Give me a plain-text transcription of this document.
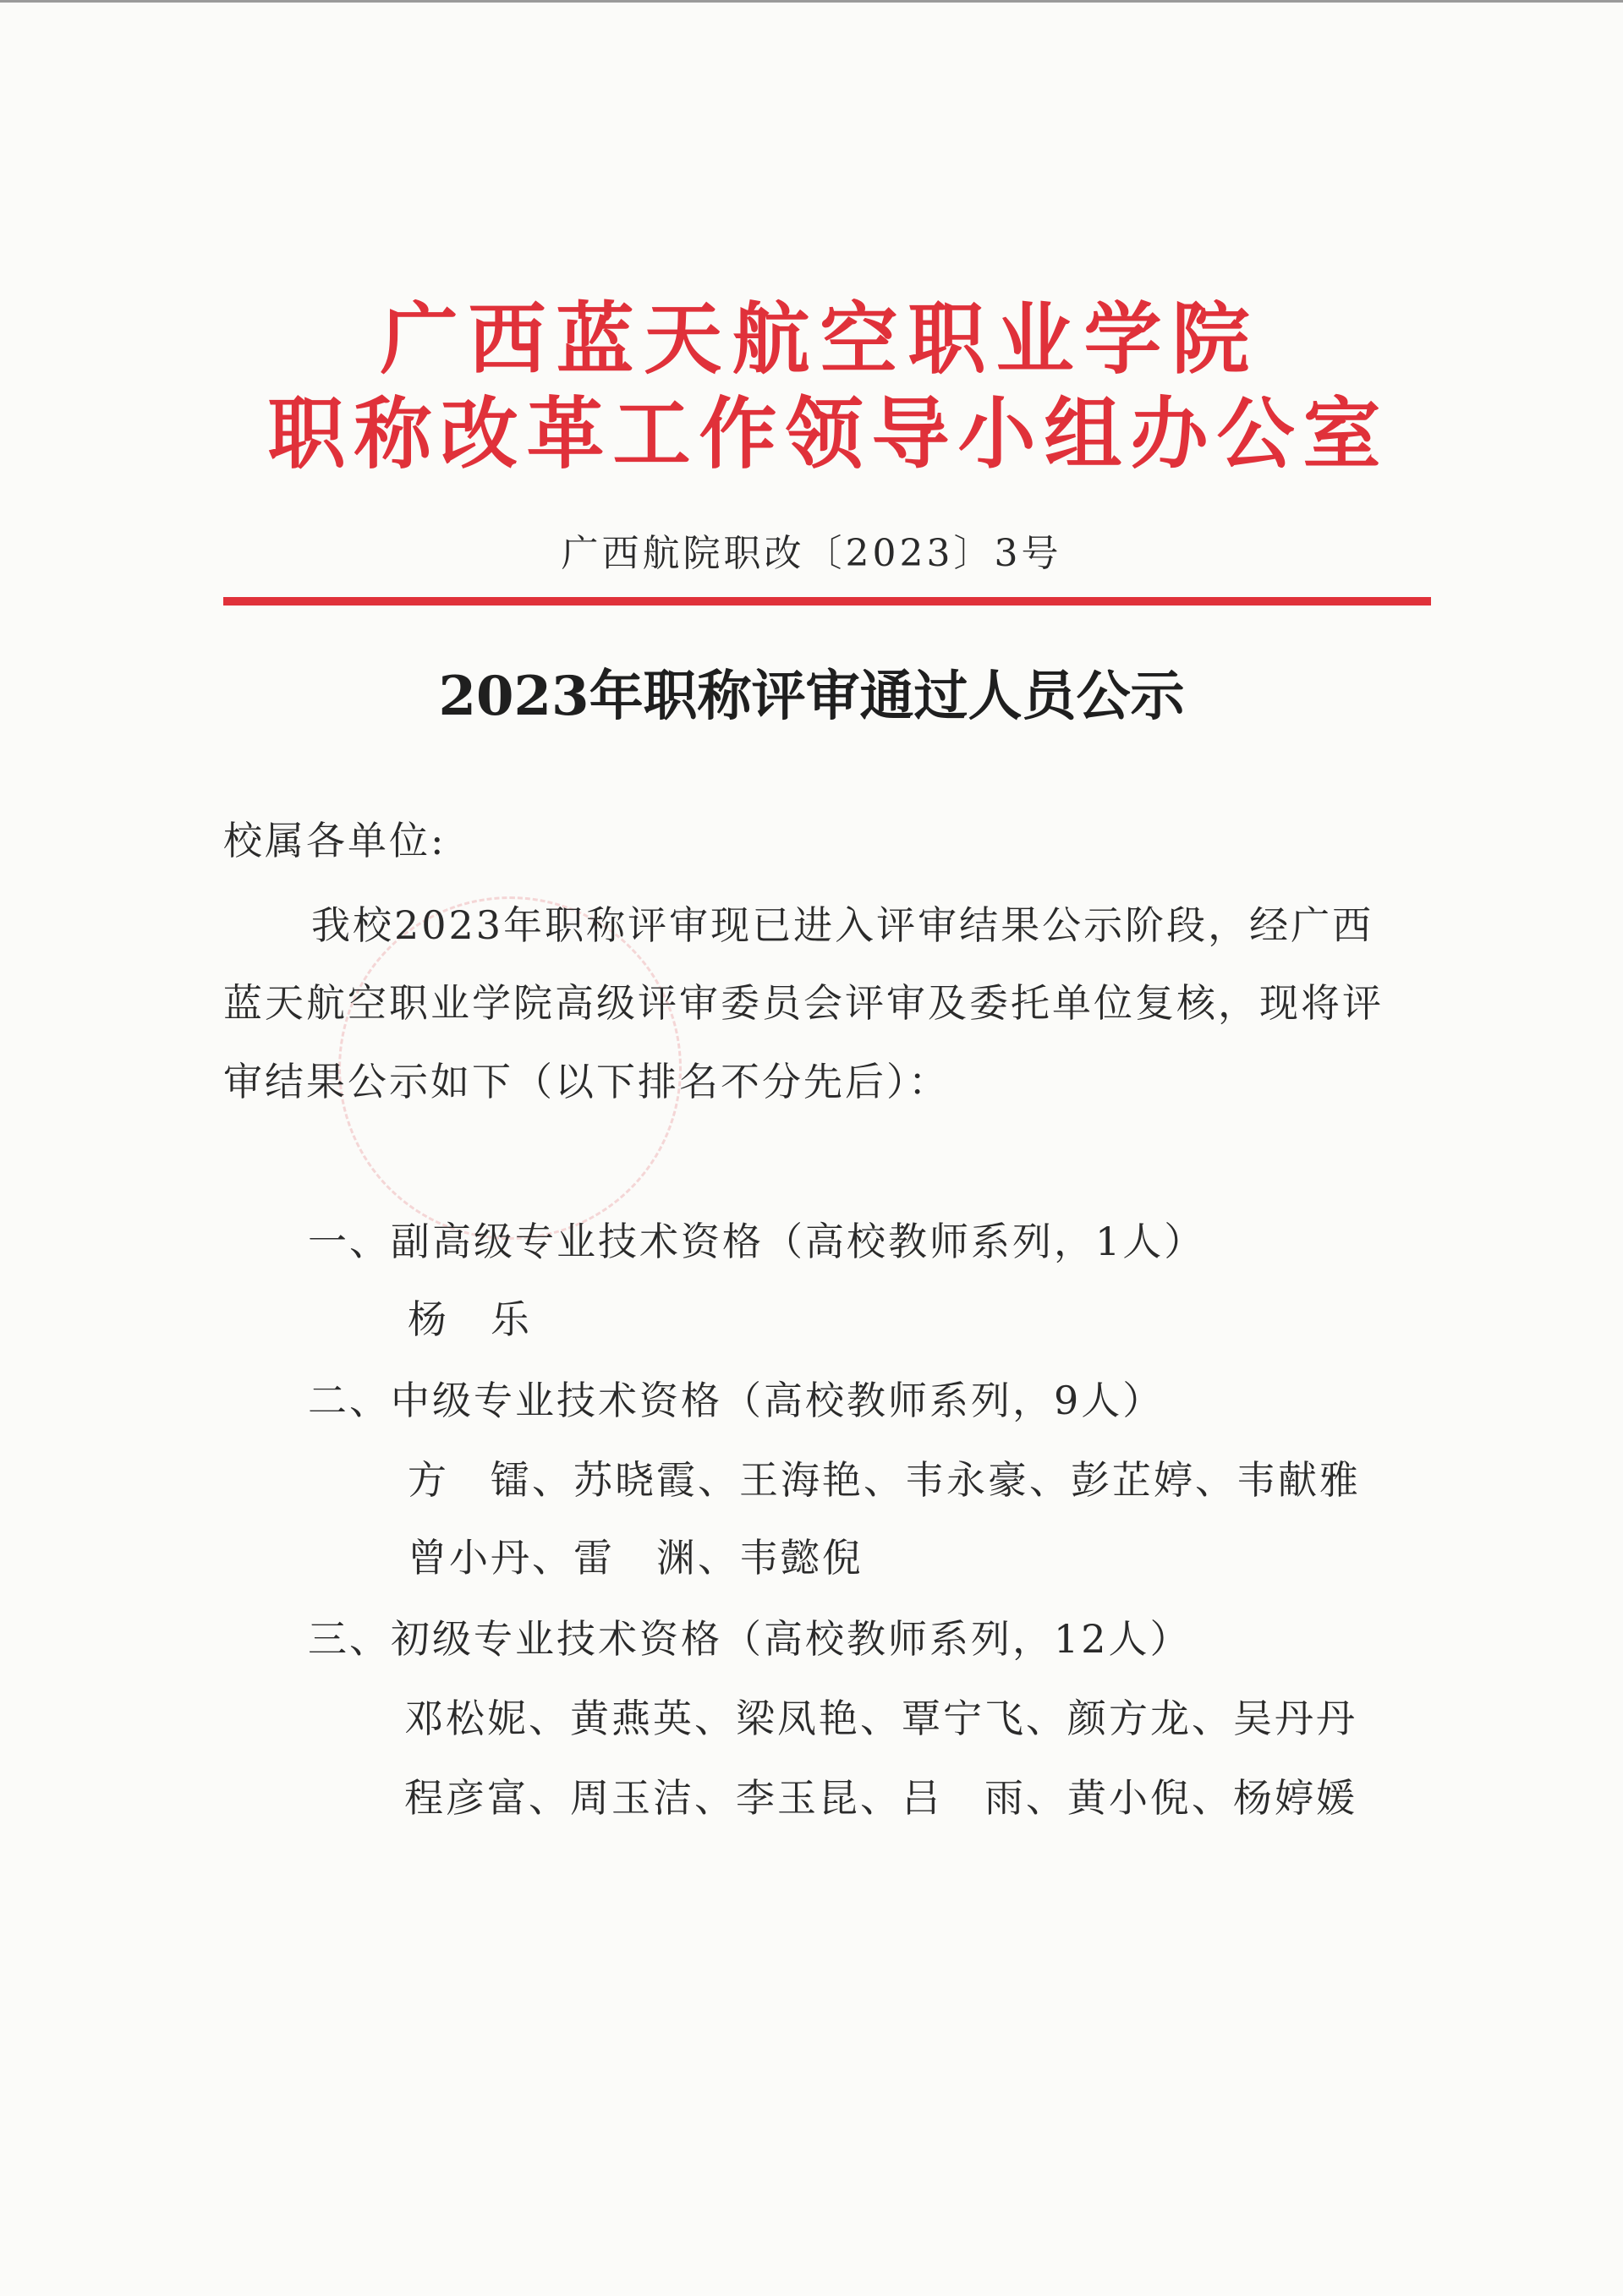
广西蓝天航空职业学院
职称改革工作领导小组办公室
广西航院职改〔2023〕3号
2023年职称评审通过人员公示
校属各单位:
我校2023年职称评审现已进入评审结果公示阶段，经广西
蓝天航空职业学院高级评审委员会评审及委托单位复核，现将评
审结果公示如下（以下排名不分先后）：
一、副高级专业技术资格（高校教师系列，1人）
杨　乐
二、中级专业技术资格（高校教师系列，9人）
方　镭、苏晓霞、王海艳、韦永豪、彭芷婷、韦献雅
曾小丹、雷　渊、韦懿倪
三、初级专业技术资格（高校教师系列，12人）
邓松妮、黄燕英、梁凤艳、覃宁飞、颜方龙、吴丹丹
程彦富、周玉洁、李玉昆、吕　雨、黄小倪、杨婷媛
